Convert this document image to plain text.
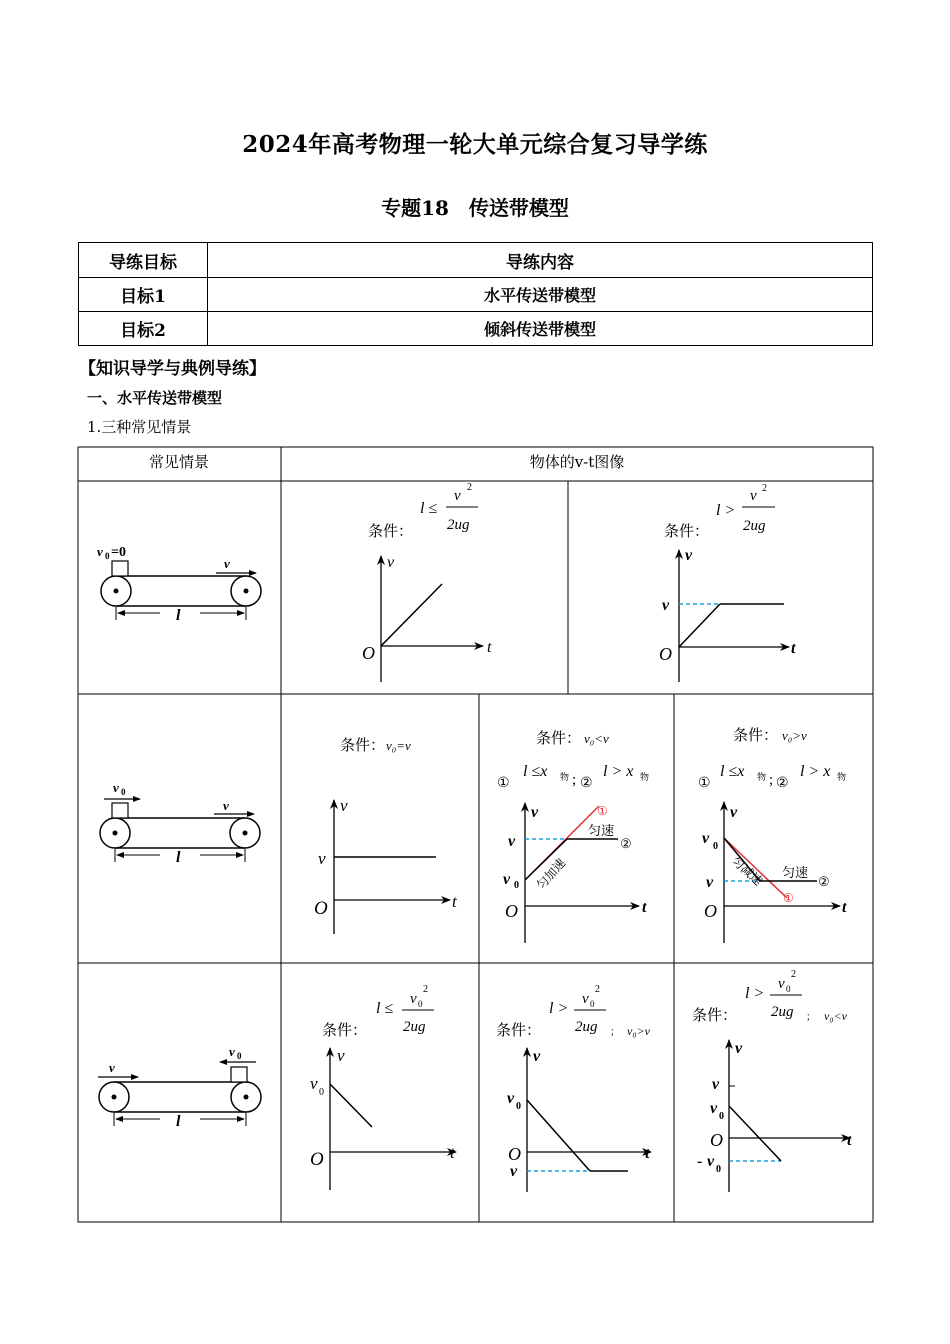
2024年高考物理一轮大单元综合复习导学练
专题18　传送带模型
导练目标	导练内容
目标1	水平传送带模型
目标2	倾斜传送带模型
【知识导学与典例导练】
一、水平传送带模型
1.三种常见情景
常见情景	物体的v-t图像
v 0 =0
v
l
条件：
l ≤
v
2
2ug
v
t
O
条件：
l >
v 2
2ug
v
t
O
v
v 0
v
l
条件： v₀=v
v
t
O
v
条件： v₀<v
①
l ≤x 物 ; ②
l > x 物
v
t
O
v
v 0
①
匀速
②
匀加速
条件： v₀>v
①
l ≤x 物 ; ②
l > x 物
v
t
O
v 0
v
匀速
②
①
匀减速
v 0
v
l
条件：
l ≤
v 0
2
2ug
v
t
O
v 0
条件：
l >
v 0
2
2ug ； v₀>v
v
t
O
v 0
v
条件：
l >
v 0
2
2ug ； v₀<v
v
t
O
v
v 0
- v 0
